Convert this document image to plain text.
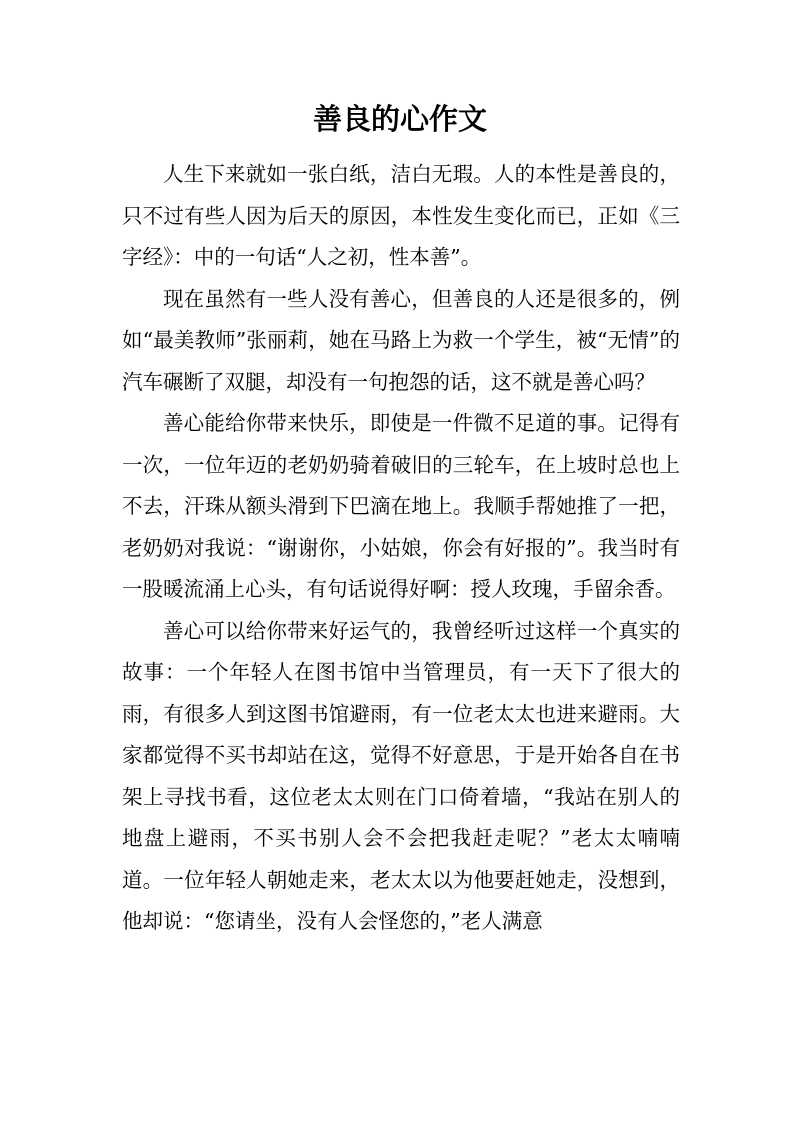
善良的心作文

人生下来就如一张白纸，洁白无瑕。人的本性是善良的，只不过有些人因为后天的原因，本性发生变化而已，正如《三字经》：中的一句话“人之初，性本善”。

现在虽然有一些人没有善心，但善良的人还是很多的，例如“最美教师”张丽莉，她在马路上为救一个学生，被“无情”的汽车碾断了双腿，却没有一句抱怨的话，这不就是善心吗？

善心能给你带来快乐，即使是一件微不足道的事。记得有一次，一位年迈的老奶奶骑着破旧的三轮车，在上坡时总也上不去，汗珠从额头滑到下巴滴在地上。我顺手帮她推了一把，老奶奶对我说：“谢谢你，小姑娘，你会有好报的”。我当时有一股暖流涌上心头，有句话说得好啊：授人玫瑰，手留余香。

善心可以给你带来好运气的，我曾经听过这样一个真实的故事：一个年轻人在图书馆中当管理员，有一天下了很大的雨，有很多人到这图书馆避雨，有一位老太太也进来避雨。大家都觉得不买书却站在这，觉得不好意思，于是开始各自在书架上寻找书看，这位老太太则在门口倚着墙，“我站在别人的地盘上避雨，不买书别人会不会把我赶走呢？”老太太喃喃道。一位年轻人朝她走来，老太太以为他要赶她走，没想到，他却说：“您请坐，没有人会怪您的，”老人满意
